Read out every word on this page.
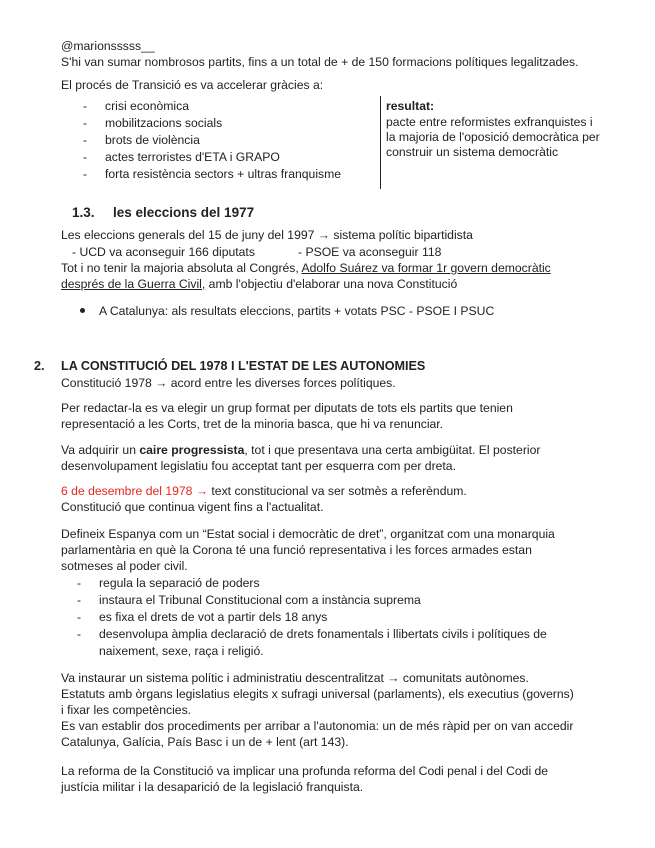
@marionsssss__
S'hi van sumar nombrosos partits, fins a un total de + de 150 formacions polítiques legalitzades.
El procés de Transició es va accelerar gràcies a:
- crisi econòmica
- mobilitzacions socials
- brots de violència
- actes terroristes d'ETA i GRAPO
- forta resistència sectors + ultras franquisme
resultat:
pacte entre reformistes exfranquistes i
la majoria de l'oposició democràtica per
construir un sistema democràtic
1.3. les eleccions del 1977
Les eleccions generals del 15 de juny del 1997 → sistema polític bipartidista
- UCD va aconseguir 166 diputats	- PSOE va aconseguir 118
Tot i no tenir la majoria absoluta al Congrés, Adolfo Suárez va formar 1r govern democràtic
després de la Guerra Civil, amb l'objectiu d'elaborar una nova Constitució
A Catalunya: als resultats eleccions, partits + votats PSC - PSOE I PSUC
2. LA CONSTITUCIÓ DEL 1978 I L'ESTAT DE LES AUTONOMIES
Constitució 1978 → acord entre les diverses forces polítiques.
Per redactar-la es va elegir un grup format per diputats de tots els partits que tenien
representació a les Corts, tret de la minoria basca, que hi va renunciar.
Va adquirir un caire progressista, tot i que presentava una certa ambigüitat. El posterior
desenvolupament legislatiu fou acceptat tant per esquerra com per dreta.
6 de desembre del 1978 → text constitucional va ser sotmès a referèndum.
Constitució que continua vigent fins a l'actualitat.
Defineix Espanya com un “Estat social i democràtic de dret”, organitzat com una monarquia
parlamentària en què la Corona té una funció representativa i les forces armades estan
sotmeses al poder civil.
- regula la separació de poders
- instaura el Tribunal Constitucional com a instància suprema
- es fixa el drets de vot a partir dels 18 anys
- desenvolupa àmplia declaració de drets fonamentals i llibertats civils i polítiques de
naixement, sexe, raça i religió.
Va instaurar un sistema polític i administratiu descentralitzat → comunitats autònomes.
Estatuts amb òrgans legislatius elegits x sufragi universal (parlaments), els executius (governs)
i fixar les competències.
Es van establir dos procediments per arribar a l'autonomia: un de més ràpid per on van accedir
Catalunya, Galícia, País Basc i un de + lent (art 143).
La reforma de la Constitució va implicar una profunda reforma del Codi penal i del Codi de
justícia militar i la desaparició de la legislació franquista.
